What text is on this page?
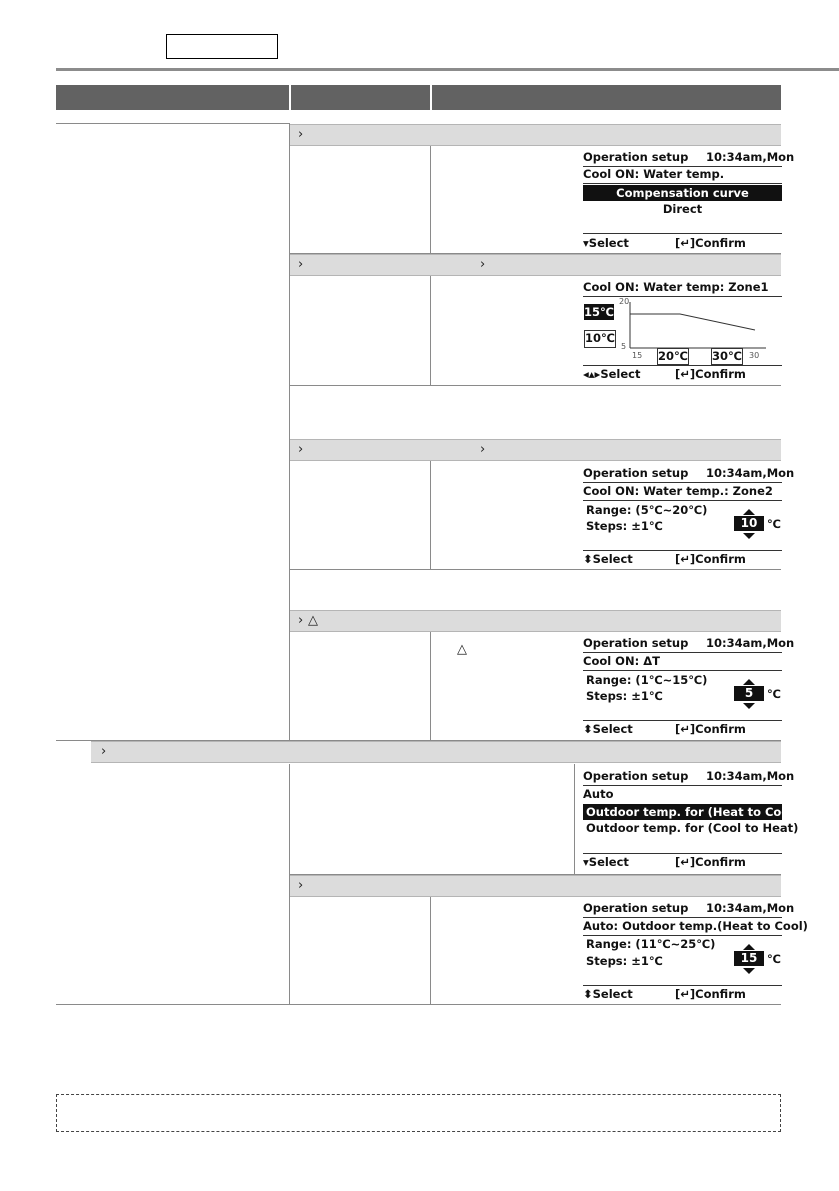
›
Operation setup 10:34am,Mon
Cool ON: Water temp.
Compensation curve
Direct
▾Select	[↵]Confirm
›	›
Cool ON: Water temp: Zone1
15℃
10℃
20
5
15 20℃ 30℃ 30
◂▴▸Select	[↵]Confirm
›	›
Operation setup 10:34am,Mon
Cool ON: Water temp.: Zone2
Range: (5℃~20℃)
Steps: ±1℃	10 ℃
⬍Select	[↵]Confirm
› △
△	Operation setup 10:34am,Mon
Cool ON: ΔT
Range: (1℃~15℃)
Steps: ±1℃	5	℃
⬍Select	[↵]Confirm
›
Operation setup 10:34am,Mon
Auto
Outdoor temp. for (Heat to Cool)
Outdoor temp. for (Cool to Heat)
▾Select	[↵]Confirm
›
Operation setup 10:34am,Mon
Auto: Outdoor temp.(Heat to Cool)
Range: (11℃~25℃)
Steps: ±1℃	15 ℃
⬍Select	[↵]Confirm
